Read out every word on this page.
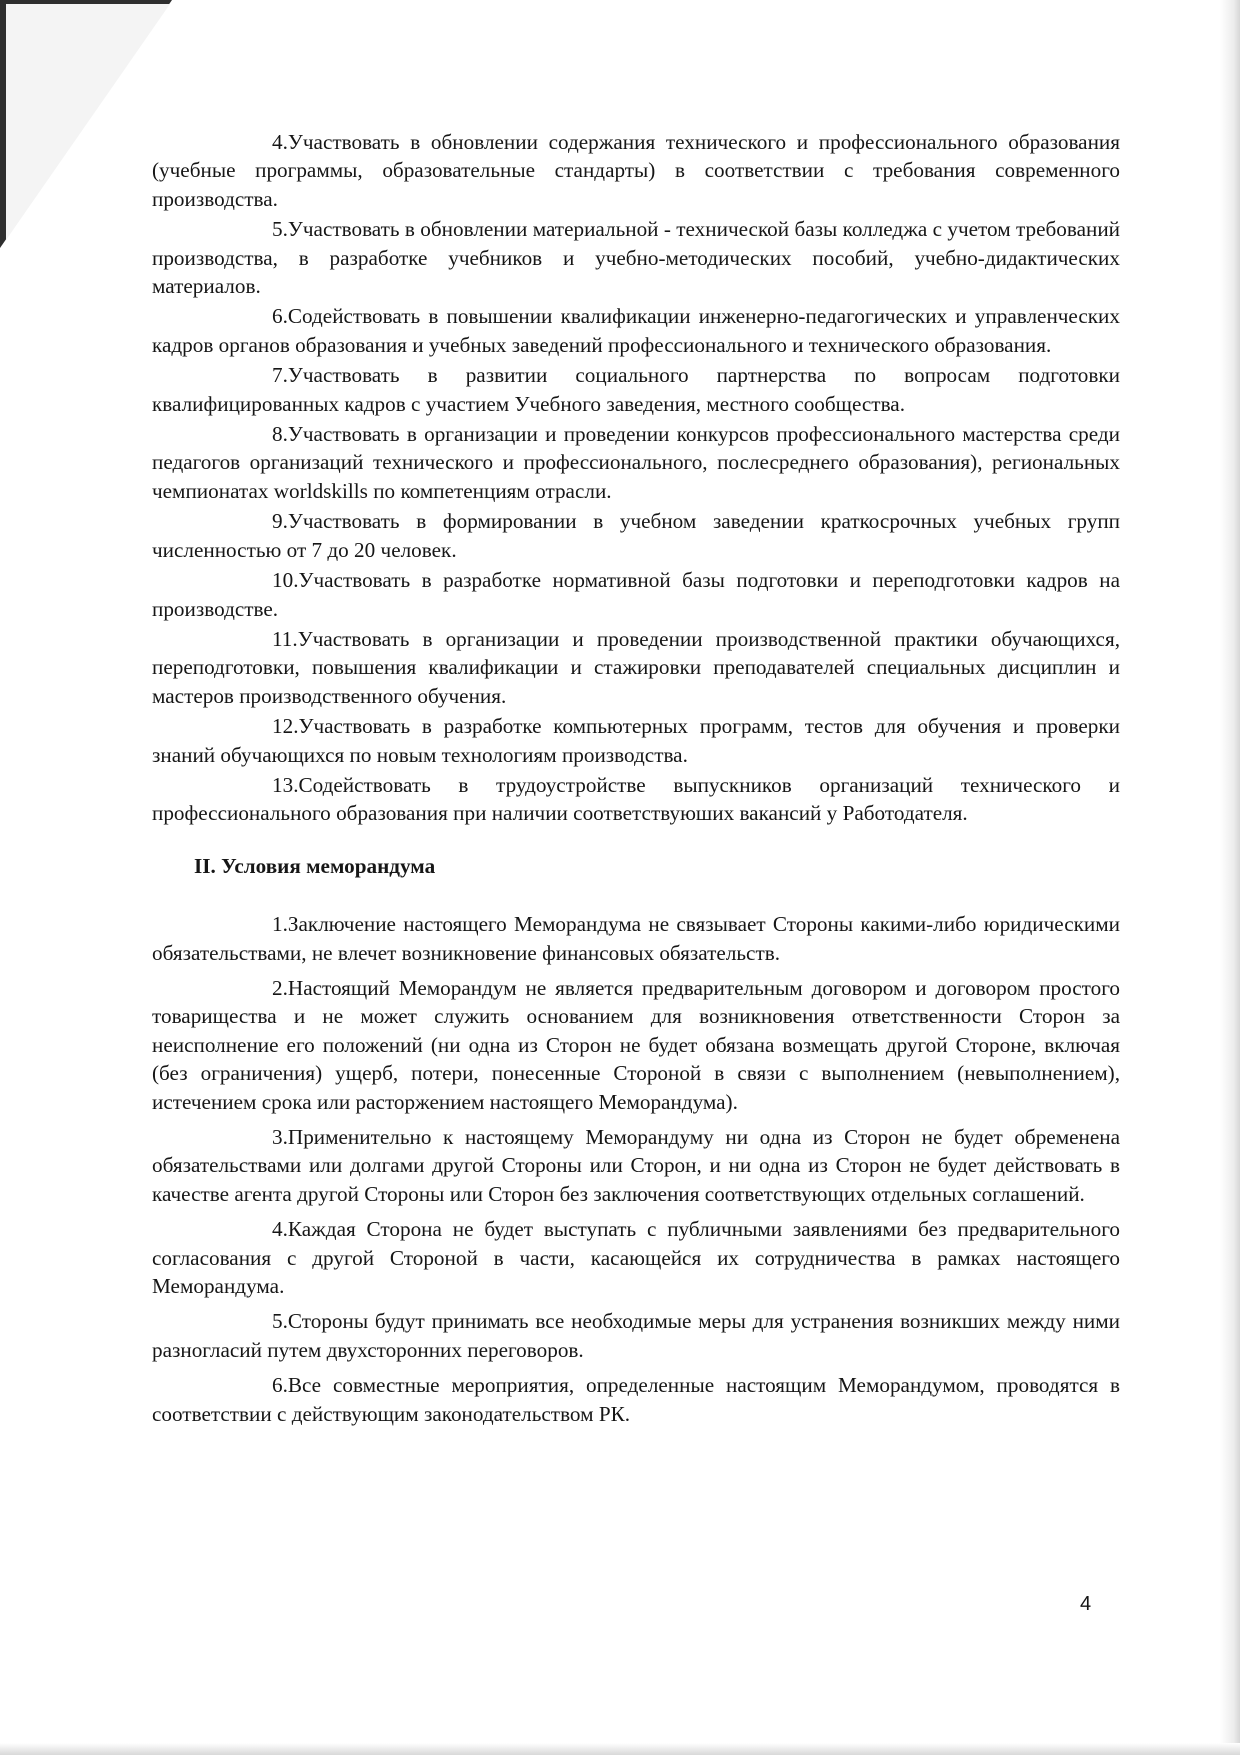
4.Участвовать в обновлении содержания технического и профессионального образования (учебные программы, образовательные стандарты) в соответствии с требования современного производства.

5.Участвовать в обновлении материальной - технической базы колледжа с учетом требований производства, в разработке учебников и учебно-методических пособий, учебно-дидактических материалов.

6.Содействовать в повышении квалификации инженерно-педагогических и управленческих кадров органов образования и учебных заведений профессионального и технического образования.

7.Участвовать в развитии социального партнерства по вопросам подготовки квалифицированных кадров с участием Учебного заведения, местного сообщества.

8.Участвовать в организации и проведении конкурсов профессионального мастерства среди педагогов организаций технического и профессионального, послесреднего образования), региональных чемпионатах worldskills по компетенциям отрасли.

9.Участвовать в формировании в учебном заведении краткосрочных учебных групп численностью от 7 до 20 человек.

10.Участвовать в разработке нормативной базы подготовки и переподготовки кадров на производстве.

11.Участвовать в организации и проведении производственной практики обучающихся, переподготовки, повышения квалификации и стажировки преподавателей специальных дисциплин и мастеров производственного обучения.

12.Участвовать в разработке компьютерных программ, тестов для обучения и проверки знаний обучающихся по новым технологиям производства.

13.Содействовать в трудоустройстве выпускников организаций технического и профессионального образования при наличии соответствуюших вакансий у Работодателя.

II. Условия меморандума

1.Заключение настоящего Меморандума не связывает Стороны какими-либо юридическими обязательствами, не влечет возникновение финансовых обязательств.

2.Настоящий Меморандум не является предварительным договором и договором простого товарищества и не может служить основанием для возникновения ответственности Сторон за неисполнение его положений (ни одна из Сторон не будет обязана возмещать другой Стороне, включая (без ограничения) ущерб, потери, понесенные Стороной в связи с выполнением (невыполнением), истечением срока или расторжением настоящего Меморандума).

3.Применительно к настоящему Меморандуму ни одна из Сторон не будет обременена обязательствами или долгами другой Стороны или Сторон, и ни одна из Сторон не будет действовать в качестве агента другой Стороны или Сторон без заключения соответствующих отдельных соглашений.

4.Каждая Сторона не будет выступать с публичными заявлениями без предварительного согласования с другой Стороной в части, касающейся их сотрудничества в рамках настоящего Меморандума.

5.Стороны будут принимать все необходимые меры для устранения возникших между ними разногласий путем двухсторонних переговоров.

6.Все совместные мероприятия, определенные настоящим Меморандумом, проводятся в соответствии с действующим законодательством РК.

4
